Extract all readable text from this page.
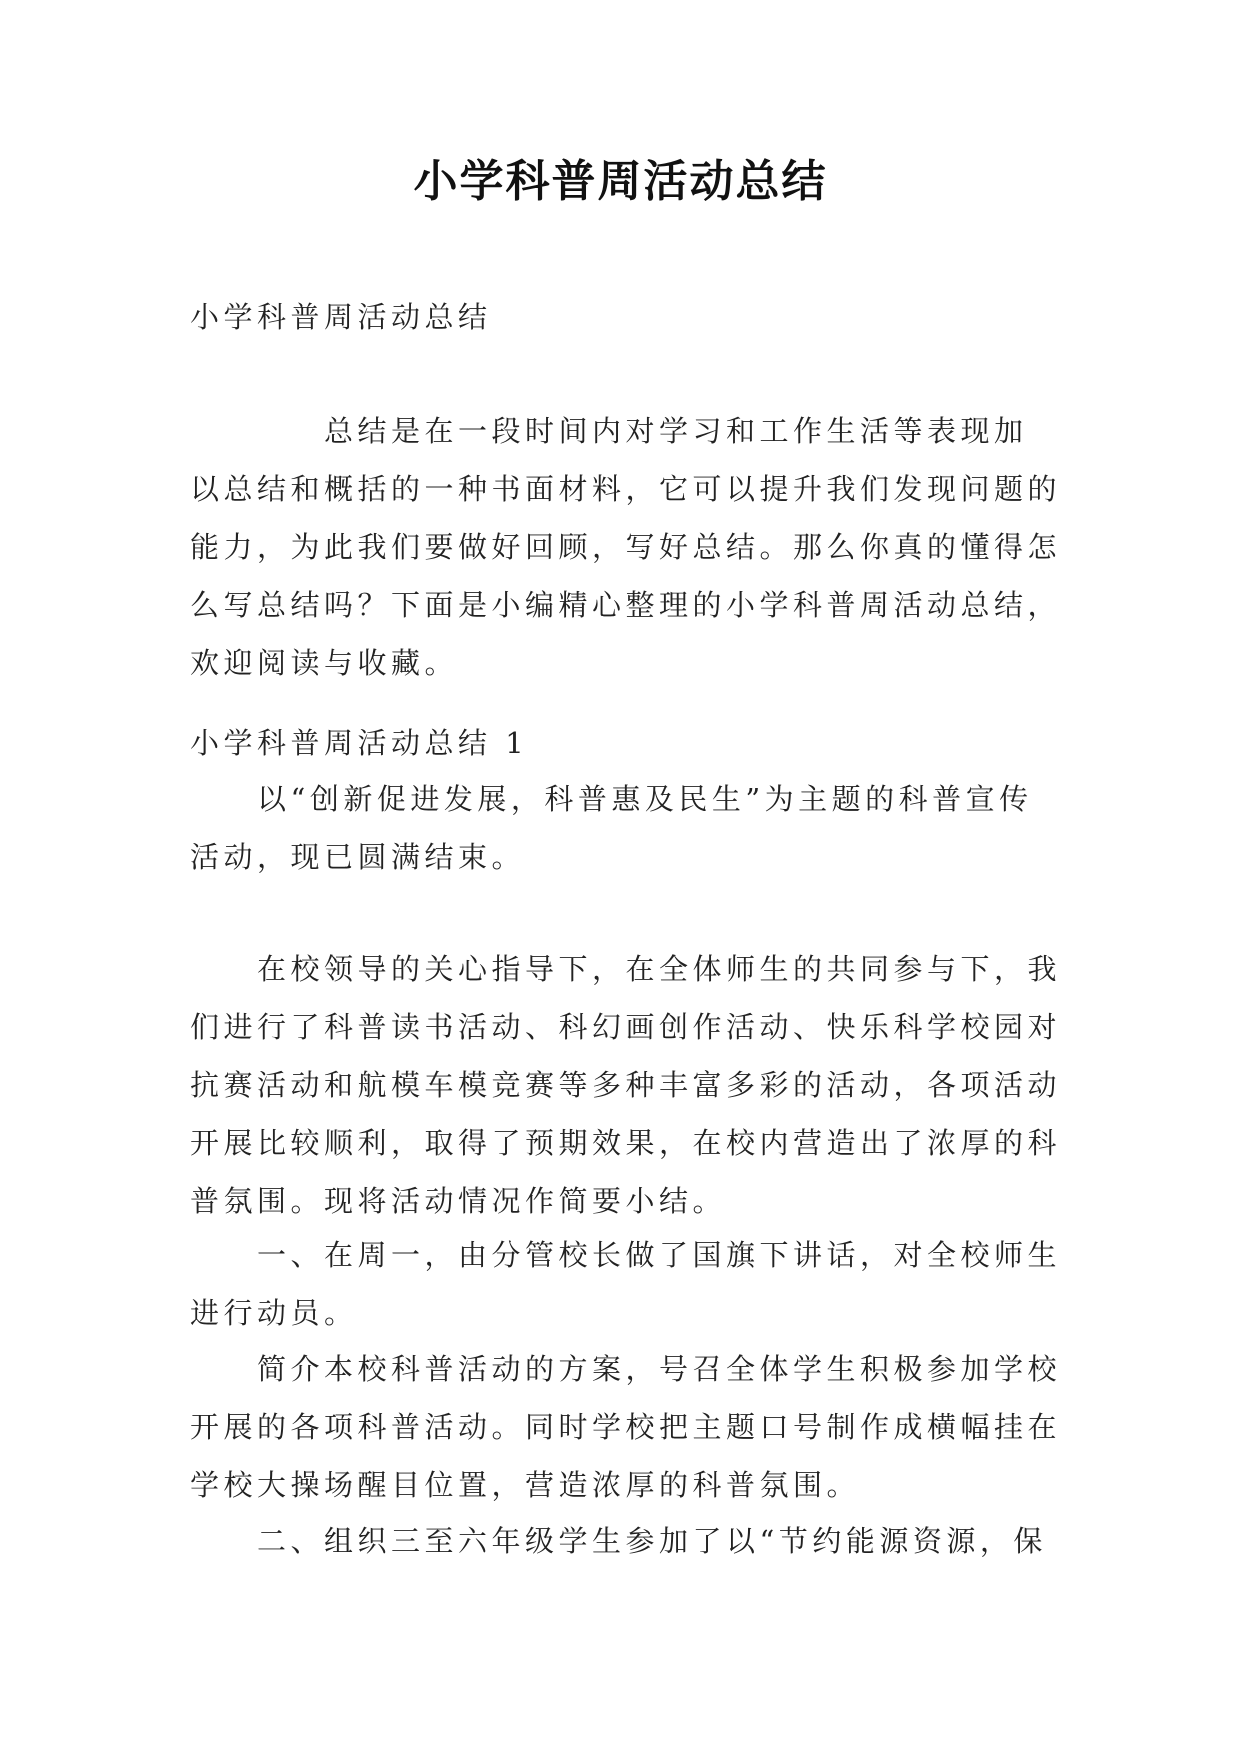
小学科普周活动总结

小学科普周活动总结

　　　　总结是在一段时间内对学习和工作生活等表现加
以总结和概括的一种书面材料，它可以提升我们发现问题的
能力，为此我们要做好回顾，写好总结。那么你真的懂得怎
么写总结吗？下面是小编精心整理的小学科普周活动总结，
欢迎阅读与收藏。

小学科普周活动总结 1

　　以“创新促进发展，科普惠及民生”为主题的科普宣传
活动，现已圆满结束。

　　在校领导的关心指导下，在全体师生的共同参与下，我
们进行了科普读书活动、科幻画创作活动、快乐科学校园对
抗赛活动和航模车模竞赛等多种丰富多彩的活动，各项活动
开展比较顺利，取得了预期效果，在校内营造出了浓厚的科
普氛围。现将活动情况作简要小结。

　　一、在周一，由分管校长做了国旗下讲话，对全校师生
进行动员。

　　简介本校科普活动的方案，号召全体学生积极参加学校
开展的各项科普活动。同时学校把主题口号制作成横幅挂在
学校大操场醒目位置，营造浓厚的科普氛围。

　　二、组织三至六年级学生参加了以“节约能源资源，保
